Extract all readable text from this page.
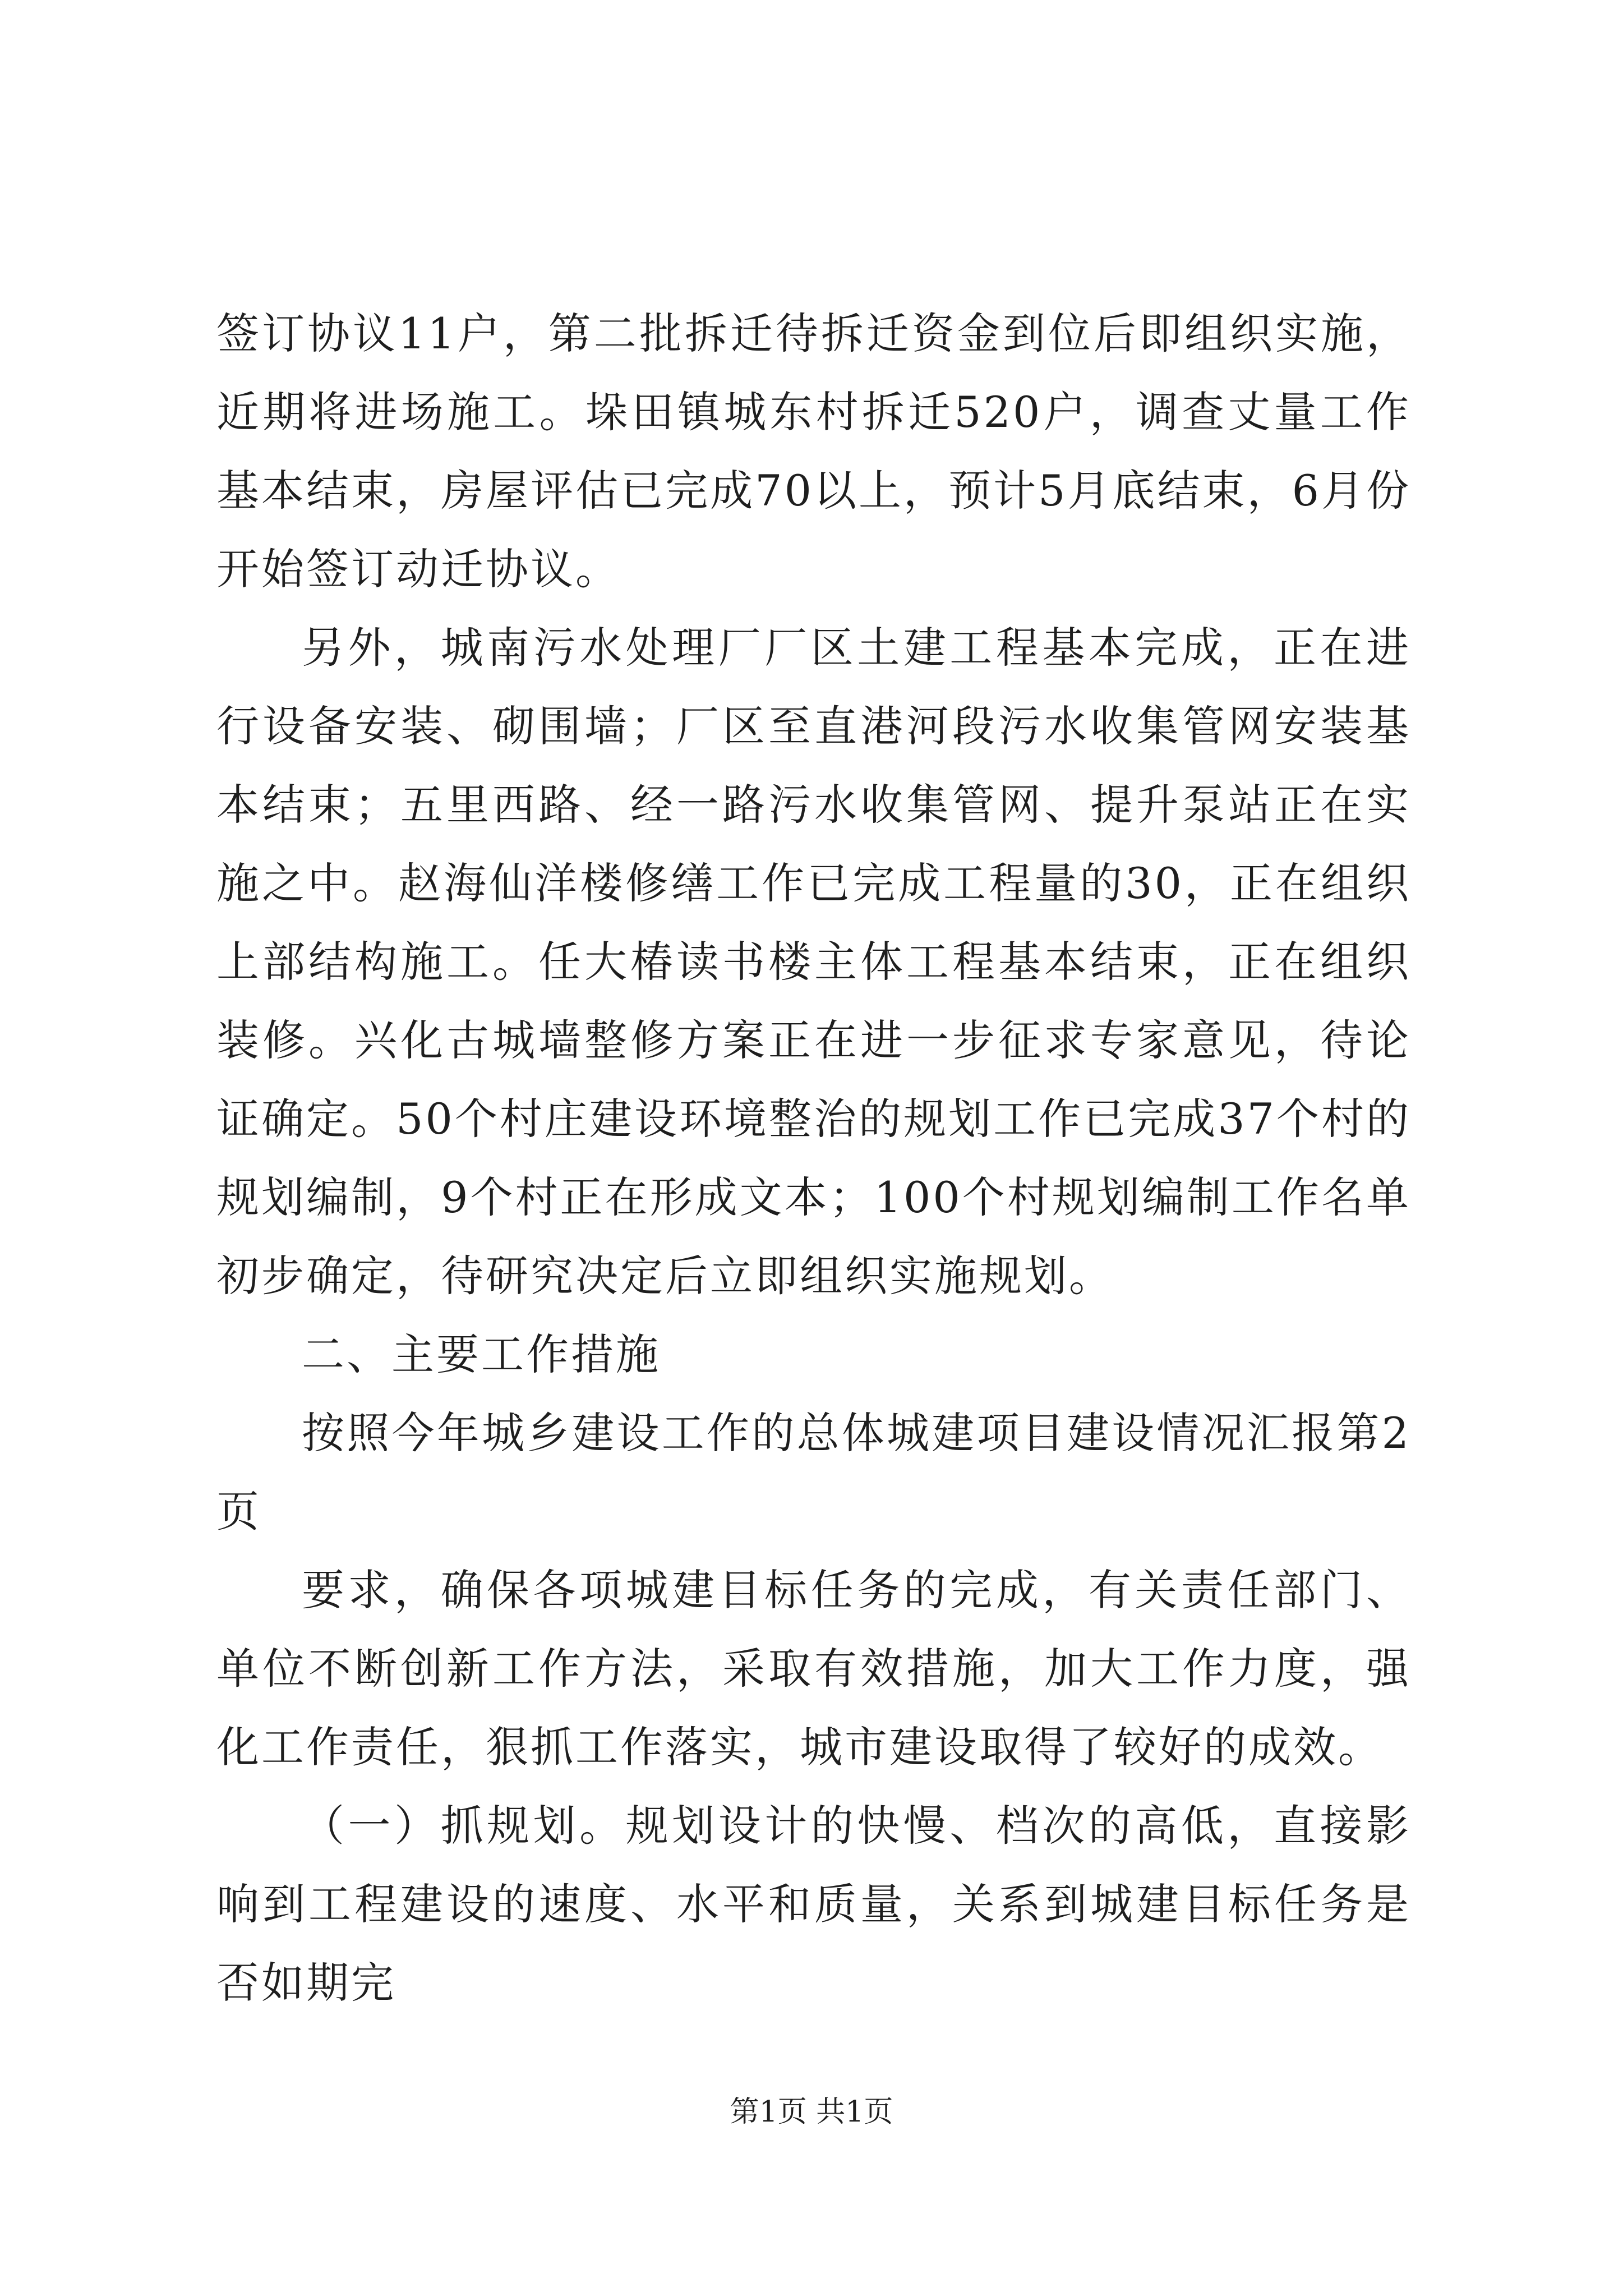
签订协议11户，第二批拆迁待拆迁资金到位后即组织实施，近期将进场施工。垛田镇城东村拆迁520户，调查丈量工作基本结束，房屋评估已完成70以上，预计5月底结束，6月份开始签订动迁协议。

另外，城南污水处理厂厂区土建工程基本完成，正在进行设备安装、砌围墙；厂区至直港河段污水收集管网安装基本结束；五里西路、经一路污水收集管网、提升泵站正在实施之中。赵海仙洋楼修缮工作已完成工程量的30，正在组织上部结构施工。任大椿读书楼主体工程基本结束，正在组织装修。兴化古城墙整修方案正在进一步征求专家意见，待论证确定。50个村庄建设环境整治的规划工作已完成37个村的规划编制，9个村正在形成文本；100个村规划编制工作名单初步确定，待研究决定后立即组织实施规划。

二、主要工作措施

按照今年城乡建设工作的总体城建项目建设情况汇报第2页

要求，确保各项城建目标任务的完成，有关责任部门、单位不断创新工作方法，采取有效措施，加大工作力度，强化工作责任，狠抓工作落实，城市建设取得了较好的成效。

（一）抓规划。规划设计的快慢、档次的高低，直接影响到工程建设的速度、水平和质量，关系到城建目标任务是否如期完

第1页 共1页
